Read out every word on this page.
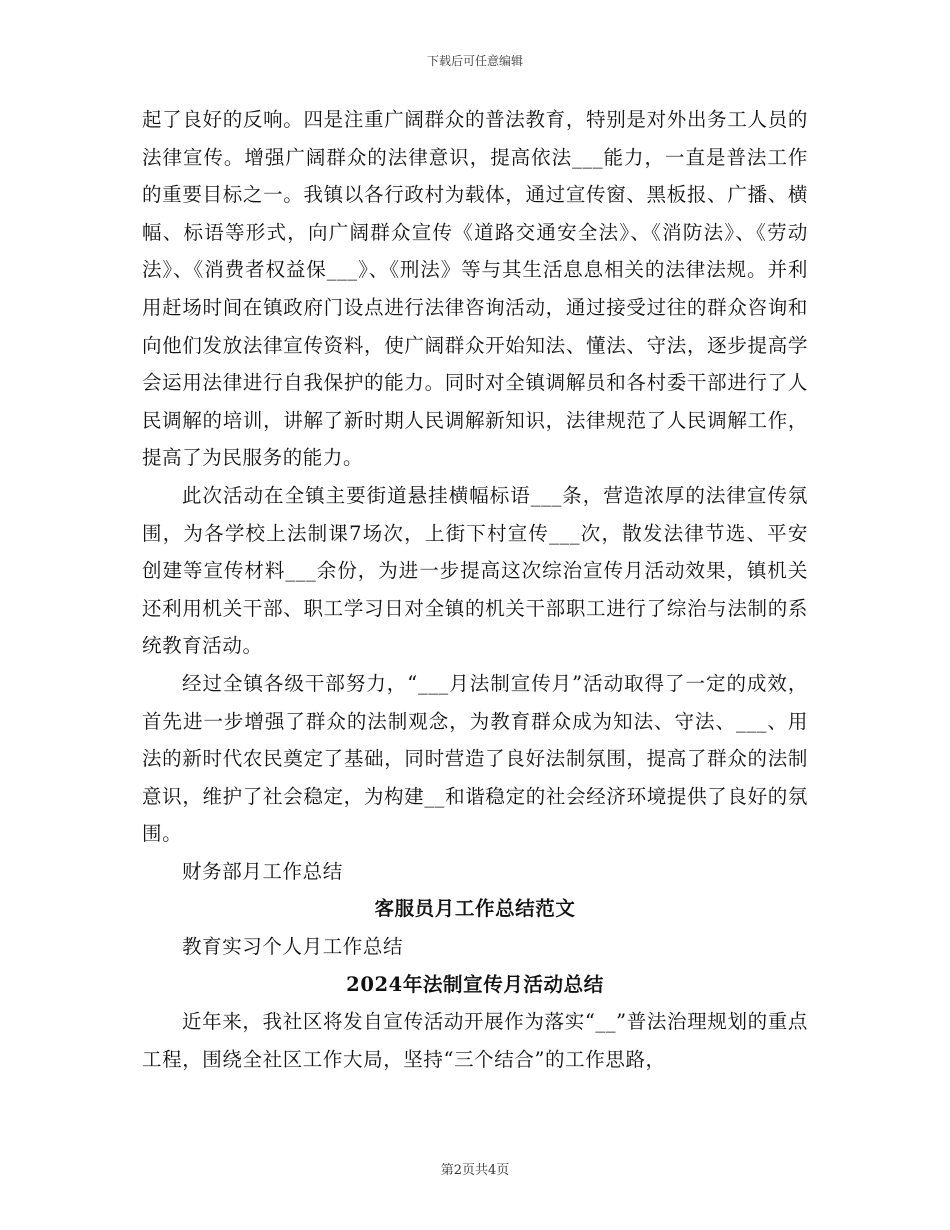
下载后可任意编辑

起了良好的反响。四是注重广阔群众的普法教育，特别是对外出务工人员的法律宣传。增强广阔群众的法律意识，提高依法___能力，一直是普法工作的重要目标之一。我镇以各行政村为载体，通过宣传窗、黑板报、广播、横幅、标语等形式，向广阔群众宣传《道路交通安全法》、《消防法》、《劳动法》、《消费者权益保___》、《刑法》等与其生活息息相关的法律法规。并利用赶场时间在镇政府门设点进行法律咨询活动，通过接受过往的群众咨询和向他们发放法律宣传资料，使广阔群众开始知法、懂法、守法，逐步提高学会运用法律进行自我保护的能力。同时对全镇调解员和各村委干部进行了人民调解的培训，讲解了新时期人民调解新知识，法律规范了人民调解工作，提高了为民服务的能力。

此次活动在全镇主要街道悬挂横幅标语___条，营造浓厚的法律宣传氛围，为各学校上法制课7场次，上街下村宣传___次，散发法律节选、平安创建等宣传材料___余份，为进一步提高这次综治宣传月活动效果，镇机关还利用机关干部、职工学习日对全镇的机关干部职工进行了综治与法制的系统教育活动。

经过全镇各级干部努力，“___月法制宣传月”活动取得了一定的成效，首先进一步增强了群众的法制观念，为教育群众成为知法、守法、___、用法的新时代农民奠定了基础，同时营造了良好法制氛围，提高了群众的法制意识，维护了社会稳定，为构建__和谐稳定的社会经济环境提供了良好的氛围。

财务部月工作总结

客服员月工作总结范文

教育实习个人月工作总结

2024年法制宣传月活动总结

近年来，我社区将发自宣传活动开展作为落实“__”普法治理规划的重点工程，围绕全社区工作大局，坚持“三个结合”的工作思路，

第2页共4页
